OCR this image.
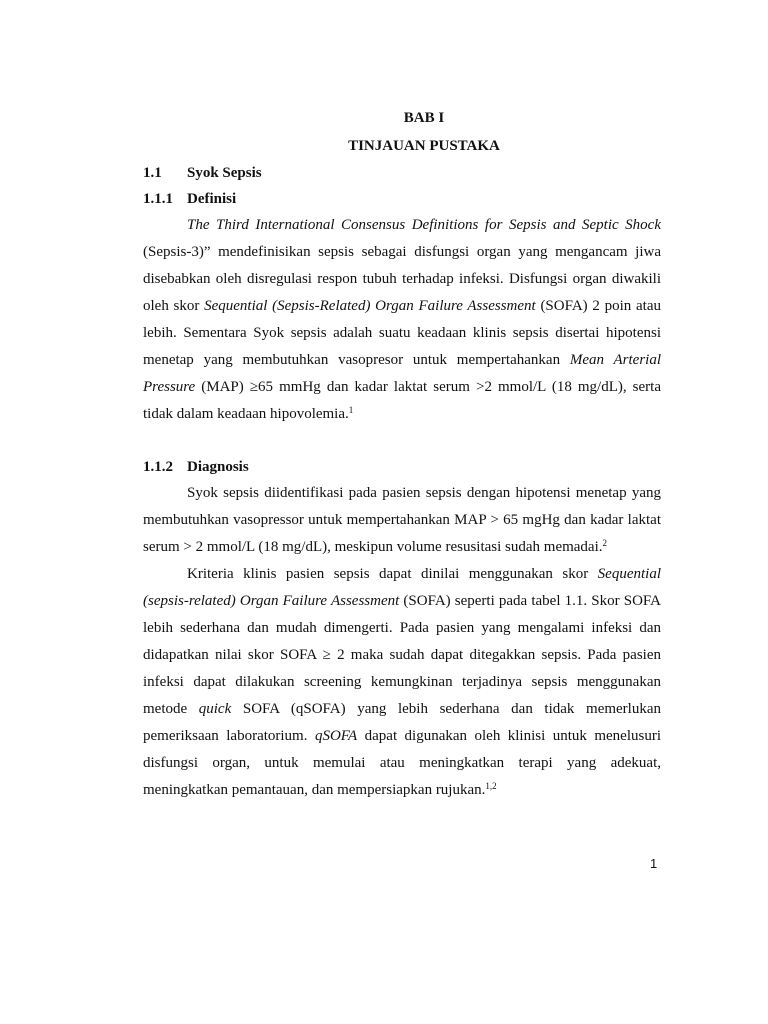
BAB I
TINJAUAN PUSTAKA
1.1 Syok Sepsis
1.1.1 Definisi

The Third International Consensus Definitions for Sepsis and Septic Shock (Sepsis-3)” mendefinisikan sepsis sebagai disfungsi organ yang mengancam jiwa disebabkan oleh disregulasi respon tubuh terhadap infeksi. Disfungsi organ diwakili oleh skor Sequential (Sepsis-Related) Organ Failure Assessment (SOFA) 2 poin atau lebih. Sementara Syok sepsis adalah suatu keadaan klinis sepsis disertai hipotensi menetap yang membutuhkan vasopresor untuk mempertahankan Mean Arterial Pressure (MAP) ≥65 mmHg dan kadar laktat serum >2 mmol/L (18 mg/dL), serta tidak dalam keadaan hipovolemia.$^1$

1.1.2 Diagnosis

Syok sepsis diidentifikasi pada pasien sepsis dengan hipotensi menetap yang membutuhkan vasopressor untuk mempertahankan MAP > 65 mgHg dan kadar laktat serum > 2 mmol/L (18 mg/dL), meskipun volume resusitasi sudah memadai.$^2$

Kriteria klinis pasien sepsis dapat dinilai menggunakan skor Sequential (sepsis-related) Organ Failure Assessment (SOFA) seperti pada tabel 1.1. Skor SOFA lebih sederhana dan mudah dimengerti. Pada pasien yang mengalami infeksi dan didapatkan nilai skor SOFA ≥ 2 maka sudah dapat ditegakkan sepsis. Pada pasien infeksi dapat dilakukan screening kemungkinan terjadinya sepsis menggunakan metode quick SOFA (qSOFA) yang lebih sederhana dan tidak memerlukan pemeriksaan laboratorium. qSOFA dapat digunakan oleh klinisi untuk menelusuri disfungsi organ, untuk memulai atau meningkatkan terapi yang adekuat, meningkatkan pemantauan, dan mempersiapkan rujukan.$^{1,2}$

1
